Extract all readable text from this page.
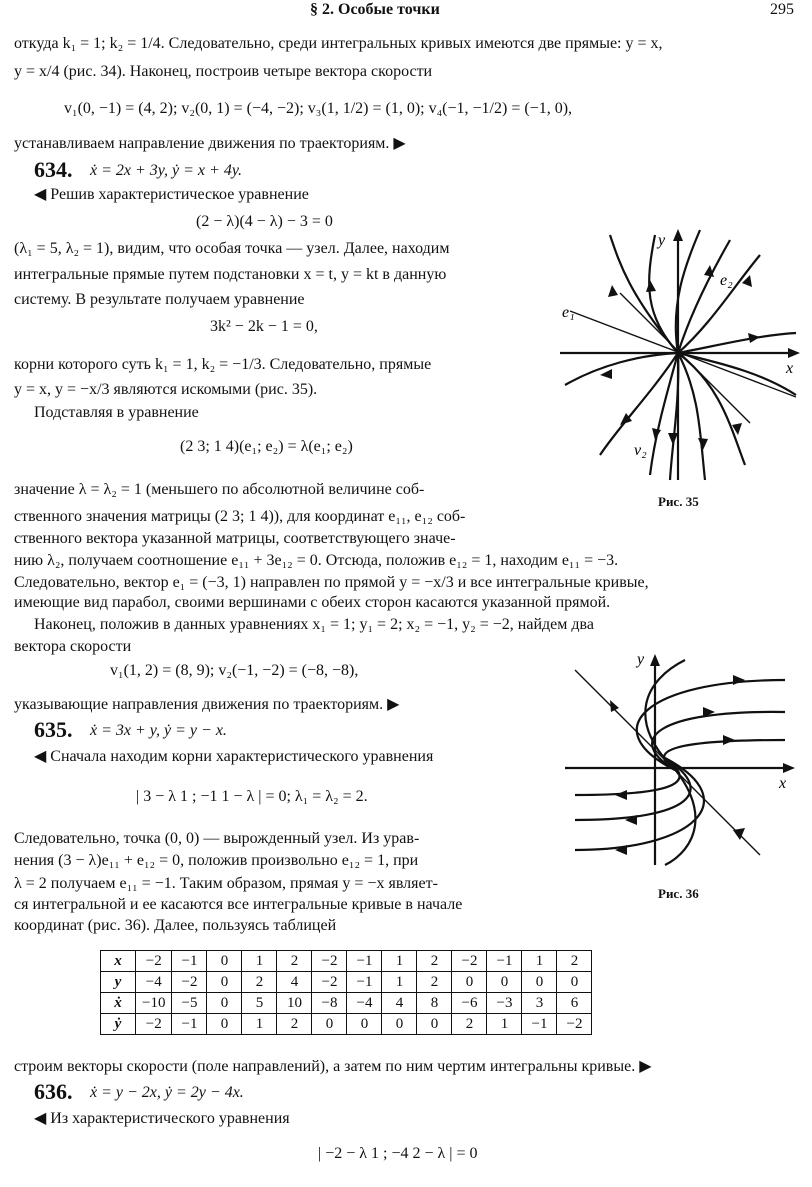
§ 2. Особые точки	295
откуда k₁ = 1; k₂ = 1/4. Следовательно, среди интегральных кривых имеются две прямые: y = x,
y = x/4 (рис. 34). Наконец, построив четыре вектора скорости
v₁(0, −1) = (4, 2); v₂(0, 1) = (−4, −2); v₃(1, 1/2) = (1, 0); v₄(−1, −1/2) = (−1, 0),
устанавливаем направление движения по траекториям. ▶
634. ẋ = 2x + 3y, ẏ = x + 4y.
◀ Решив характеристическое уравнение
(2 − λ)(4 − λ) − 3 = 0
(λ₁ = 5, λ₂ = 1), видим, что особая точка — узел. Далее, находим
интегральные прямые путем подстановки x = t, y = kt в данную
систему. В результате получаем уравнение
3k² − 2k − 1 = 0,
корни которого суть k₁ = 1, k₂ = −1/3. Следовательно, прямые
y = x, y = −x/3 являются искомыми (рис. 35).
Подставляя в уравнение
(2 3; 1 4)(e₁; e₂) = λ(e₁; e₂)
значение λ = λ₂ = 1 (меньшего по абсолютной величине соб-
ственного значения матрицы (2 3; 1 4)), для координат e₁₁, e₁₂ соб-
ственного вектора указанной матрицы, соответствующего значе-
нию λ₂, получаем соотношение e₁₁ + 3e₁₂ = 0. Отсюда, положив e₁₂ = 1, находим e₁₁ = −3.
Следовательно, вектор e₁ = (−3, 1) направлен по прямой y = −x/3 и все интегральные кривые,
имеющие вид парабол, своими вершинами с обеих сторон касаются указанной прямой.
Наконец, положив в данных уравнениях x₁ = 1; y₁ = 2; x₂ = −1, y₂ = −2, найдем два
вектора скорости
v₁(1, 2) = (8, 9); v₂(−1, −2) = (−8, −8),
указывающие направления движения по траекториям. ▶
635. ẋ = 3x + y, ẏ = y − x.
◀ Сначала находим корни характеристического уравнения
| 3 − λ 1 ; −1 1 − λ | = 0; λ₁ = λ₂ = 2.
Следовательно, точка (0, 0) — вырожденный узел. Из урав-
нения (3 − λ)e₁₁ + e₁₂ = 0, положив произвольно e₁₂ = 1, при
λ = 2 получаем e₁₁ = −1. Таким образом, прямая y = −x являет-
ся интегральной и ее касаются все интегральные кривые в начале
координат (рис. 36). Далее, пользуясь таблицей
x	−2	−1	0	1	2	−2	−1	1	2	−2	−1	1	2
y	−4	−2	0	2	4	−2	−1	1	2	0	0	0	0
ẋ	−10	−5	0	5	10	−8	−4	4	8	−6	−3	3	6
ẏ	−2	−1	0	1	2	0	0	0	0	2	1	−1	−2
строим векторы скорости (поле направлений), а затем по ним чертим интегральны кривые. ▶
636. ẋ = y − 2x, ẏ = 2y − 4x.
◀ Из характеристического уравнения
| −2 − λ 1 ; −4 2 − λ | = 0
y
x
e₂
e₁
v₂
Рис. 35
y
x
Рис. 36
